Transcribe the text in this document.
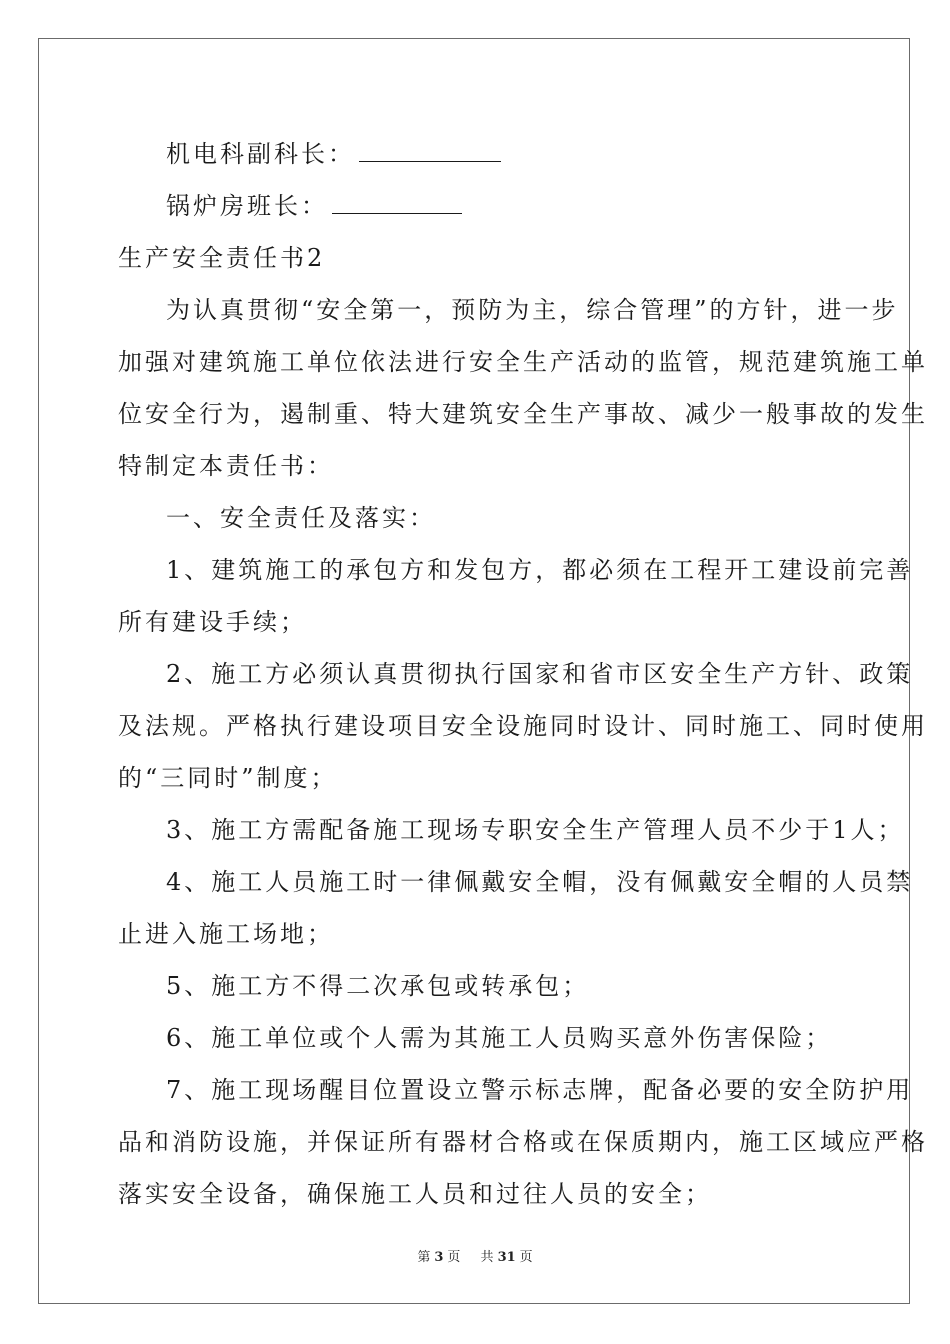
机电科副科长：
锅炉房班长：
生产安全责任书2
为认真贯彻“安全第一，预防为主，综合管理”的方针，进一步
加强对建筑施工单位依法进行安全生产活动的监管，规范建筑施工单
位安全行为，遏制重、特大建筑安全生产事故、减少一般事故的发生
特制定本责任书：
一、安全责任及落实：
1、建筑施工的承包方和发包方，都必须在工程开工建设前完善
所有建设手续；
2、施工方必须认真贯彻执行国家和省市区安全生产方针、政策
及法规。严格执行建设项目安全设施同时设计、同时施工、同时使用
的“三同时”制度；
3、施工方需配备施工现场专职安全生产管理人员不少于1人；
4、施工人员施工时一律佩戴安全帽，没有佩戴安全帽的人员禁
止进入施工场地；
5、施工方不得二次承包或转承包；
6、施工单位或个人需为其施工人员购买意外伤害保险；
7、施工现场醒目位置设立警示标志牌，配备必要的安全防护用
品和消防设施，并保证所有器材合格或在保质期内，施工区域应严格
落实安全设备，确保施工人员和过往人员的安全；
第 3 页 共 31 页
